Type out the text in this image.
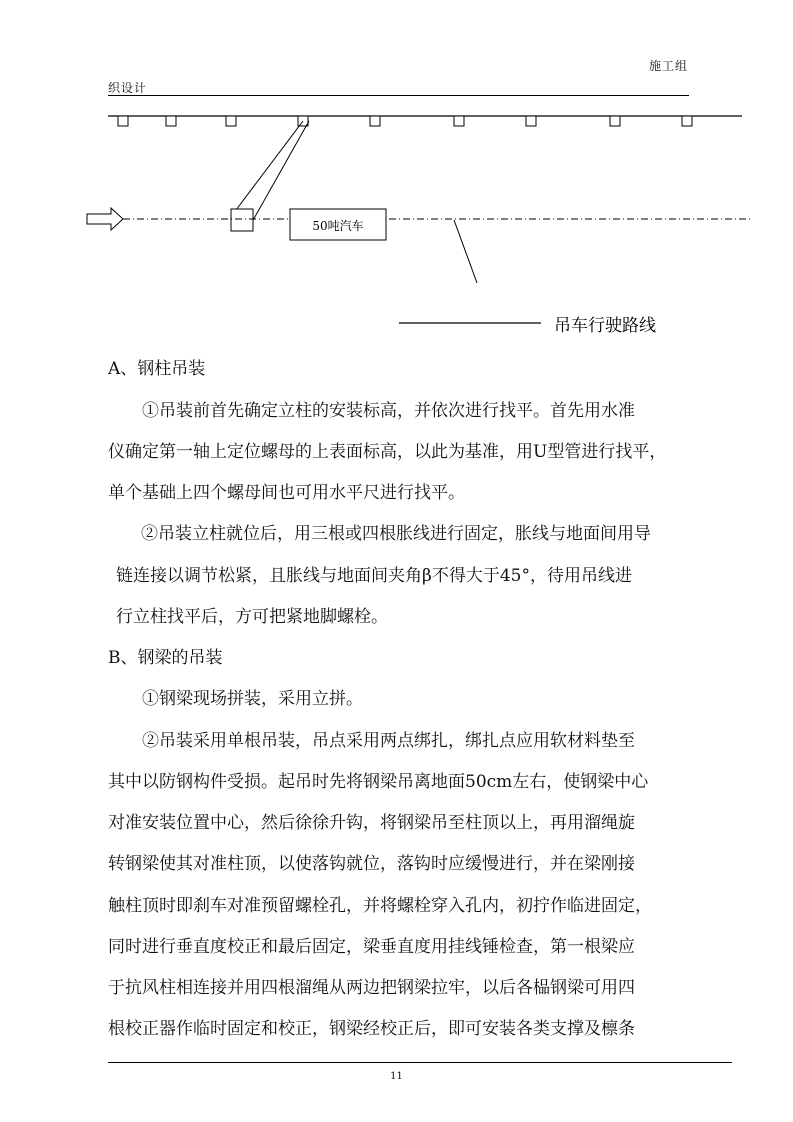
施工组
织设计
50吨汽车
吊车行驶路线
A、钢柱吊装
①吊装前首先确定立柱的安装标高，并依次进行找平。首先用水准
仪确定第一轴上定位螺母的上表面标高，以此为基准，用U型管进行找平，
单个基础上四个螺母间也可用水平尺进行找平。
②吊装立柱就位后，用三根或四根胀线进行固定，胀线与地面间用导
链连接以调节松紧，且胀线与地面间夹角β不得大于45°，待用吊线进
行立柱找平后，方可把紧地脚螺栓。
B、钢梁的吊装
①钢梁现场拼装，采用立拼。
②吊装采用单根吊装，吊点采用两点绑扎，绑扎点应用软材料垫至
其中以防钢构件受损。起吊时先将钢梁吊离地面50cm左右，使钢梁中心
对准安装位置中心，然后徐徐升钩，将钢梁吊至柱顶以上，再用溜绳旋
转钢梁使其对准柱顶，以使落钩就位，落钩时应缓慢进行，并在梁刚接
触柱顶时即刹车对准预留螺栓孔，并将螺栓穿入孔内，初拧作临进固定，
同时进行垂直度校正和最后固定，梁垂直度用挂线锤检查，第一根梁应
于抗风柱相连接并用四根溜绳从两边把钢梁拉牢，以后各榀钢梁可用四
根校正器作临时固定和校正，钢梁经校正后，即可安装各类支撑及檩条
11
